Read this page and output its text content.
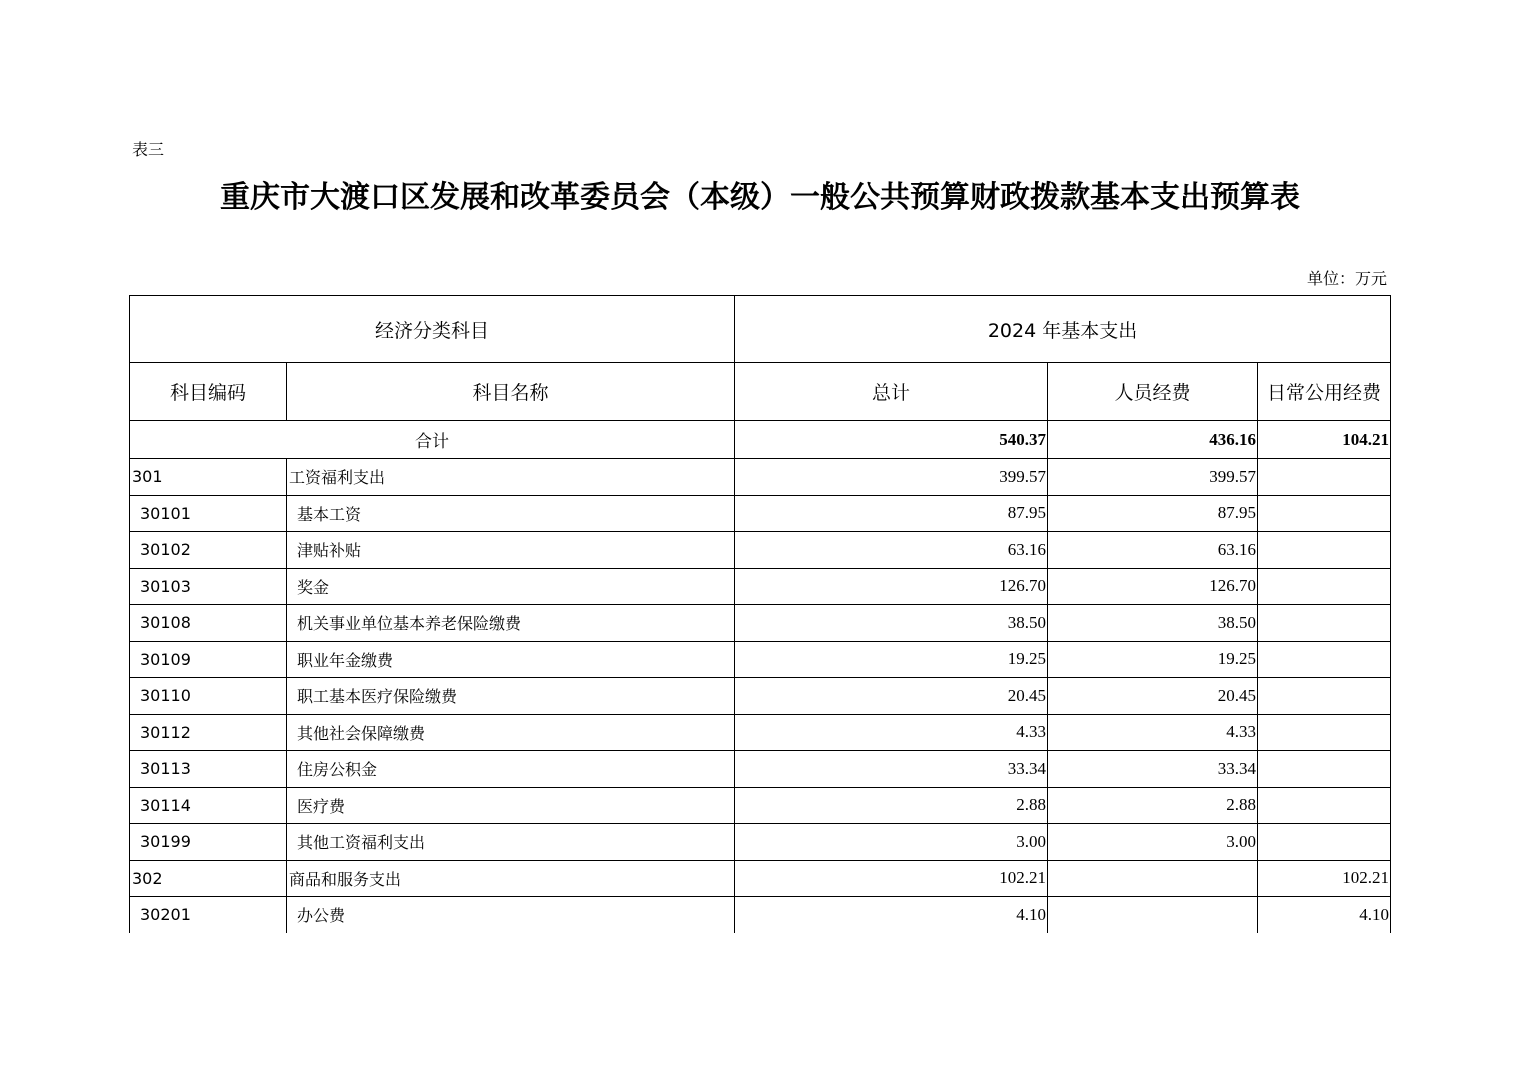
表三
重庆市大渡口区发展和改革委员会（本级）一般公共预算财政拨款基本支出预算表
单位：万元
经济分类科目		2024 年基本支出		
科目编码	科目名称	总计	人员经费	日常公用经费
合计		540.37	436.16	104.21
301	工资福利支出	399.57	399.57	
30101	基本工资	87.95	87.95	
30102	津贴补贴	63.16	63.16	
30103	奖金	126.70	126.70	
30108	机关事业单位基本养老保险缴费	38.50	38.50	
30109	职业年金缴费	19.25	19.25	
30110	职工基本医疗保险缴费	20.45	20.45	
30112	其他社会保障缴费	4.33	4.33	
30113	住房公积金	33.34	33.34	
30114	医疗费	2.88	2.88	
30199	其他工资福利支出	3.00	3.00	
302	商品和服务支出	102.21		102.21
30201	办公费	4.10		4.10
